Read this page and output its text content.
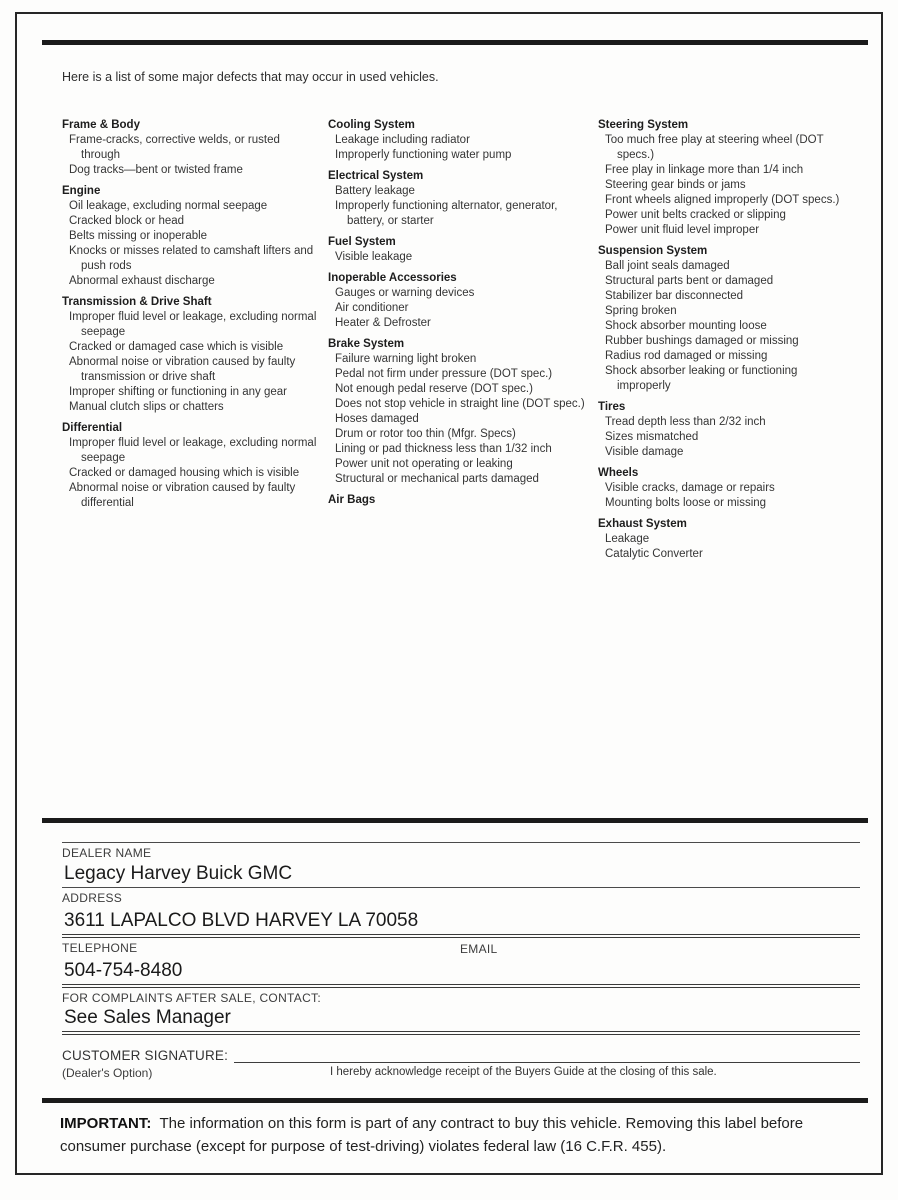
Here is a list of some major defects that may occur in used vehicles.

Frame & Body
Frame-cracks, corrective welds, or rusted through
Dog tracks—bent or twisted frame
Engine
Oil leakage, excluding normal seepage
Cracked block or head
Belts missing or inoperable
Knocks or misses related to camshaft lifters and push rods
Abnormal exhaust discharge
Transmission & Drive Shaft
Improper fluid level or leakage, excluding normal seepage
Cracked or damaged case which is visible
Abnormal noise or vibration caused by faulty transmission or drive shaft
Improper shifting or functioning in any gear
Manual clutch slips or chatters
Differential
Improper fluid level or leakage, excluding normal seepage
Cracked or damaged housing which is visible
Abnormal noise or vibration caused by faulty differential
Cooling System
Leakage including radiator
Improperly functioning water pump
Electrical System
Battery leakage
Improperly functioning alternator, generator, battery, or starter
Fuel System
Visible leakage
Inoperable Accessories
Gauges or warning devices
Air conditioner
Heater & Defroster
Brake System
Failure warning light broken
Pedal not firm under pressure (DOT spec.)
Not enough pedal reserve (DOT spec.)
Does not stop vehicle in straight line (DOT spec.)
Hoses damaged
Drum or rotor too thin (Mfgr. Specs)
Lining or pad thickness less than 1/32 inch
Power unit not operating or leaking
Structural or mechanical parts damaged
Air Bags
Steering System
Too much free play at steering wheel (DOT specs.)
Free play in linkage more than 1/4 inch
Steering gear binds or jams
Front wheels aligned improperly (DOT specs.)
Power unit belts cracked or slipping
Power unit fluid level improper
Suspension System
Ball joint seals damaged
Structural parts bent or damaged
Stabilizer bar disconnected
Spring broken
Shock absorber mounting loose
Rubber bushings damaged or missing
Radius rod damaged or missing
Shock absorber leaking or functioning improperly
Tires
Tread depth less than 2/32 inch
Sizes mismatched
Visible damage
Wheels
Visible cracks, damage or repairs
Mounting bolts loose or missing
Exhaust System
Leakage
Catalytic Converter
DEALER NAME
Legacy Harvey Buick GMC
ADDRESS
3611 LAPALCO BLVD HARVEY LA 70058
TELEPHONE	EMAIL
504-754-8480
FOR COMPLAINTS AFTER SALE, CONTACT:
See Sales Manager
CUSTOMER SIGNATURE:
(Dealer's Option)	I hereby acknowledge receipt of the Buyers Guide at the closing of this sale.

IMPORTANT: The information on this form is part of any contract to buy this vehicle. Removing this label before consumer purchase (except for purpose of test-driving) violates federal law (16 C.F.R. 455).
